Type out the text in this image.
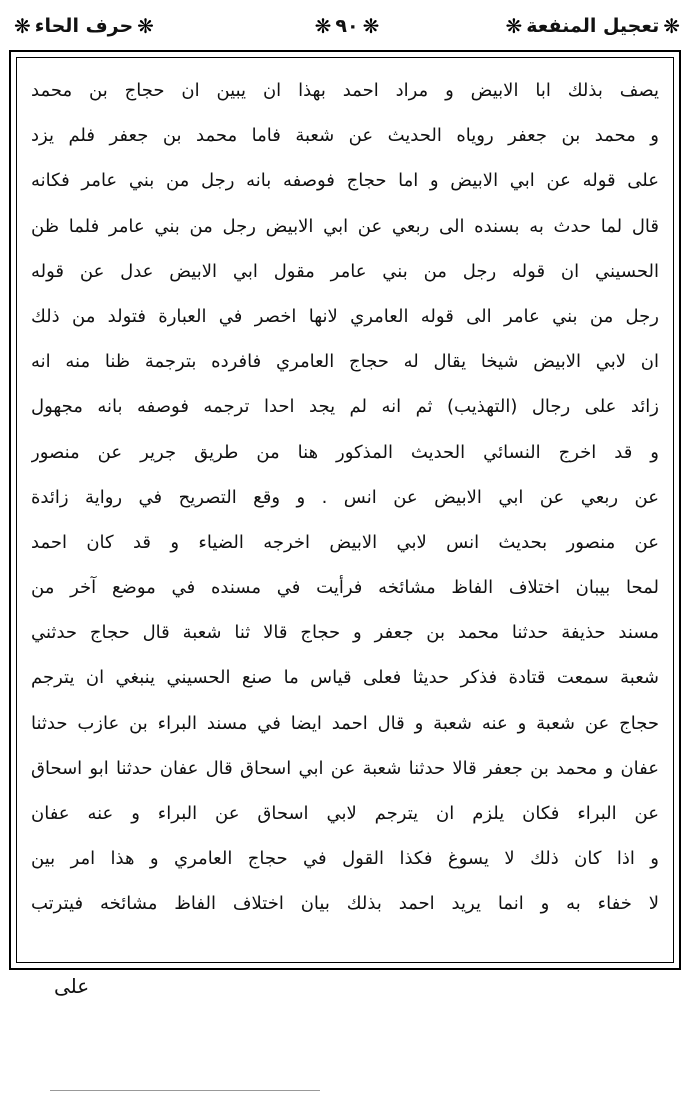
❋
تعجيل المنفعة
❋
❋
٩٠
❋
❋
حرف الحاء
❋
يصف بذلك ابا الابيض و مراد احمد بهذا ان يبين ان حجاج بن محمد
و محمد بن جعفر روياه الحديث عن شعبة فاما محمد بن جعفر فلم يزد
على قوله عن ابي الابيض و اما حجاج فوصفه بانه رجل من بني عامر فكانه
قال لما حدث به بسنده الى ربعي عن ابي الابيض رجل من بني عامر فلما ظن
الحسيني ان قوله رجل من بني عامر مقول ابي الابيض عدل عن قوله
رجل من بني عامر الى قوله العامري لانها اخصر في العبارة فتولد من ذلك
ان لابي الابيض شيخا يقال له حجاج العامري فافرده بترجمة ظنا منه انه
زائد على رجال (التهذيب) ثم انه لم يجد احدا ترجمه فوصفه بانه مجهول
و قد اخرج النسائي الحديث المذكور هنا من طريق جرير عن منصور
عن ربعي عن ابي الابيض عن انس . و وقع التصريح في رواية زائدة
عن منصور بحديث انس لابي الابيض اخرجه الضياء و قد كان احمد
لمحا بيبان اختلاف الفاظ مشائخه فرأيت في مسنده في موضع آخر من
مسند حذيفة حدثنا محمد بن جعفر و حجاج قالا ثنا شعبة قال حجاج حدثني
شعبة سمعت قتادة فذكر حديثا فعلى قياس ما صنع الحسيني ينبغي ان يترجم
حجاج عن شعبة و عنه شعبة و قال احمد ايضا في مسند البراء بن عازب حدثنا
عفان و محمد بن جعفر قالا حدثنا شعبة عن ابي اسحاق قال عفان حدثنا ابو اسحاق
عن البراء فكان يلزم ان يترجم لابي اسحاق عن البراء و عنه عفان
و اذا كان ذلك لا يسوغ فكذا القول في حجاج العامري و هذا امر بين
لا خفاء به و انما يريد احمد بذلك بيان اختلاف الفاظ مشائخه فيترتب
على
